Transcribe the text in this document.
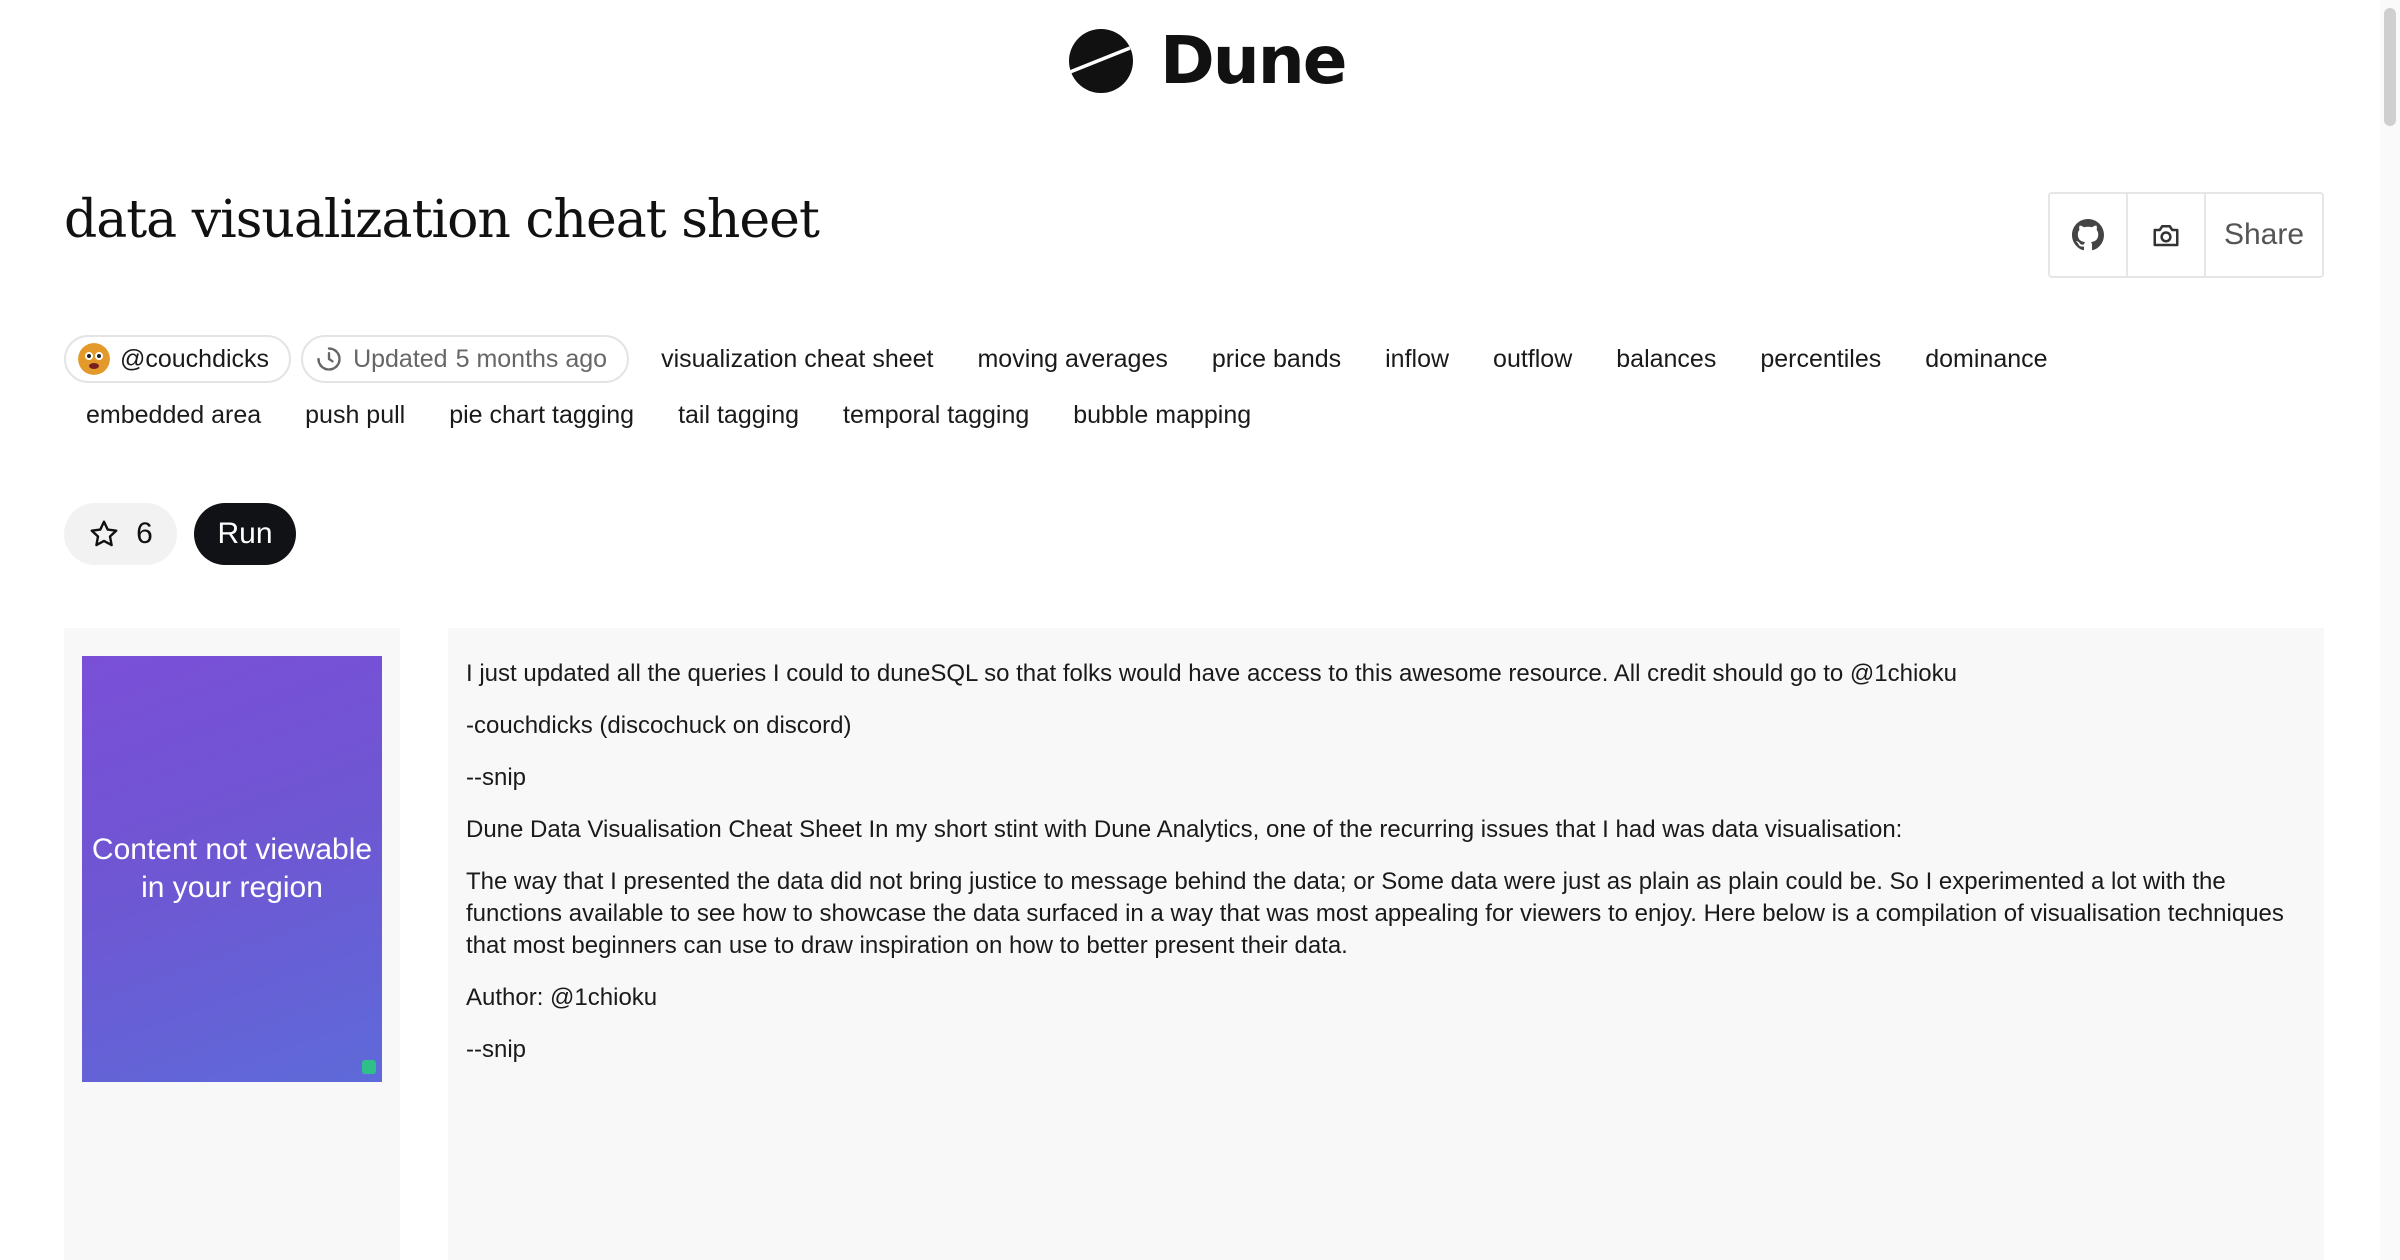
Dune
data visualization cheat sheet	Share
@couchdicks	Updated 5 months ago	visualization cheat sheet	moving averages	price bands	inflow	outflow	balances	percentiles	dominance
embedded area	push pull	pie chart tagging	tail tagging	temporal tagging	bubble mapping
6	Run
Content not viewable in your region

I just updated all the queries I could to duneSQL so that folks would have access to this awesome resource. All credit should go to @1chioku

-couchdicks (discochuck on discord)

--snip

Dune Data Visualisation Cheat Sheet In my short stint with Dune Analytics, one of the recurring issues that I had was data visualisation:

The way that I presented the data did not bring justice to message behind the data; or Some data were just as plain as plain could be. So I experimented a lot with the functions available to see how to showcase the data surfaced in a way that was most appealing for viewers to enjoy. Here below is a compilation of visualisation techniques that most beginners can use to draw inspiration on how to better present their data.

Author: @1chioku

--snip
